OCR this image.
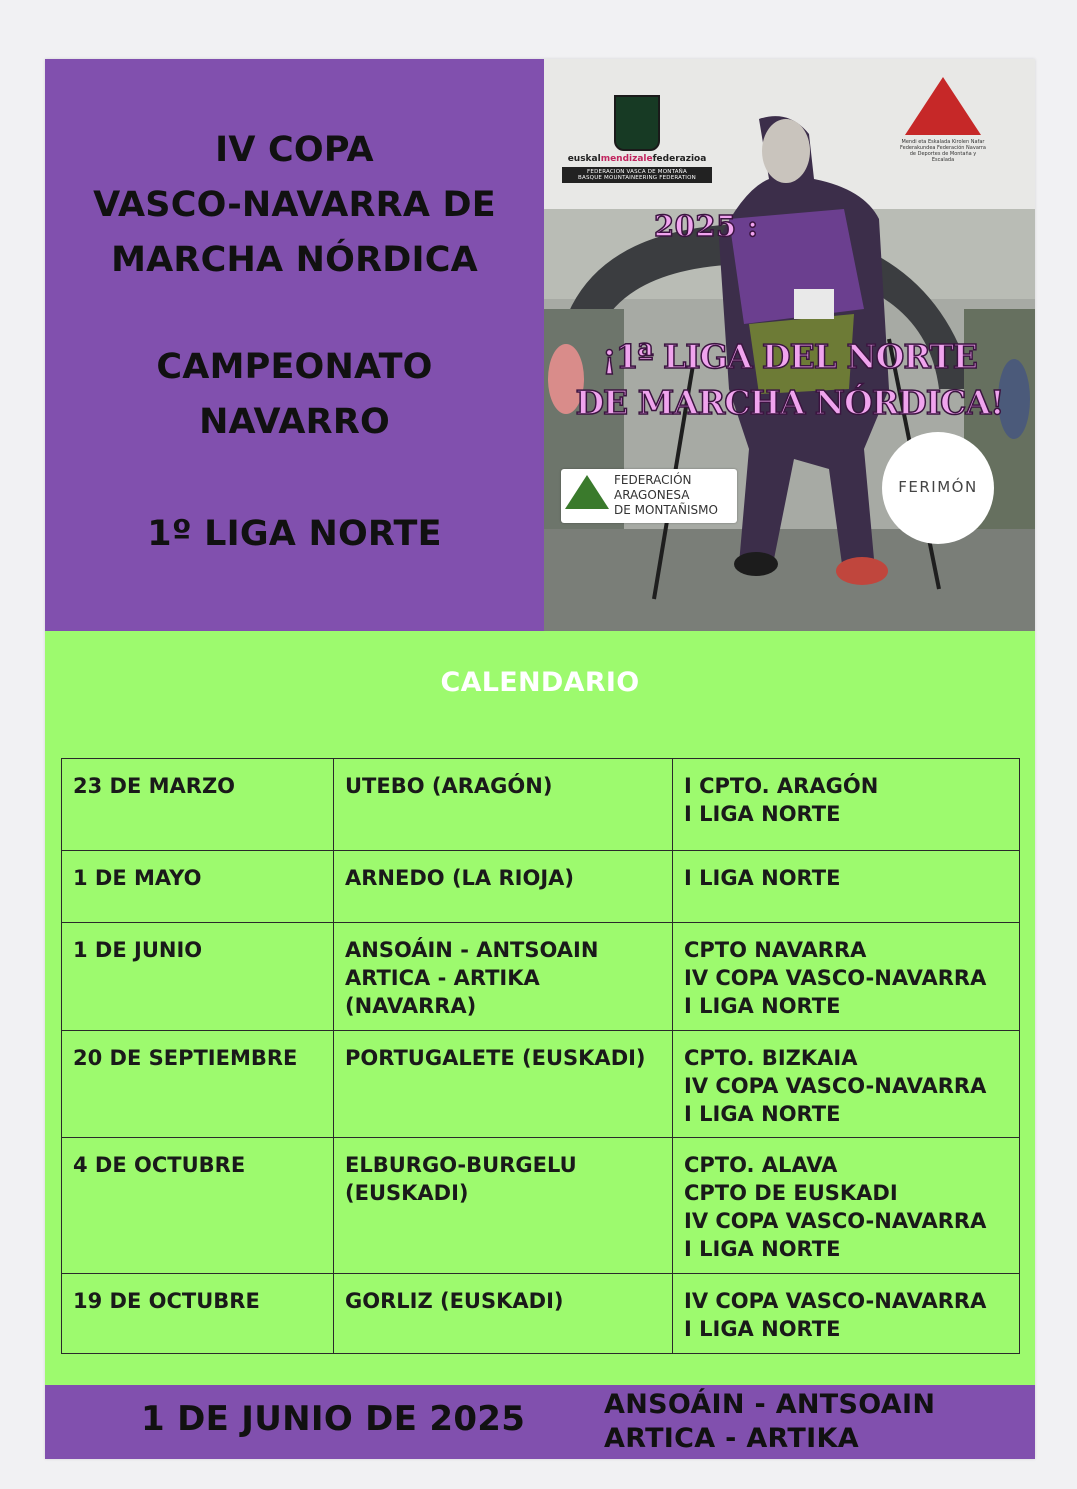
IV COPA
VASCO-NAVARRA DE
MARCHA NÓRDICA
CAMPEONATO
NAVARRO
1º LIGA NORTE
euskalmendizalefederazioa
FEDERACION VASCA DE MONTAÑA
BASQUE MOUNTAINEERING FEDERATION
Mendi eta Eskalada Kirolen Nafar Federakundea Federación Navarra de Deportes de Montaña y Escalada
2025 :
¡1ª LIGA DEL NORTE
DE MARCHA NÓRDICA!
FEDERACIÓN
ARAGONESA
DE MONTAÑISMO
FERIMÓN
CALENDARIO
23 DE MARZO	UTEBO (ARAGÓN)	I CPTO. ARAGÓN
I LIGA NORTE
1 DE MAYO	ARNEDO (LA RIOJA)	I LIGA NORTE
1 DE JUNIO	ANSOÁIN - ANTSOAIN
ARTICA - ARTIKA
(NAVARRA)	CPTO NAVARRA
IV COPA VASCO-NAVARRA
I LIGA NORTE
20 DE SEPTIEMBRE	PORTUGALETE (EUSKADI)	CPTO. BIZKAIA
IV COPA VASCO-NAVARRA
I LIGA NORTE
4 DE OCTUBRE	ELBURGO-BURGELU
(EUSKADI)	CPTO. ALAVA
CPTO DE EUSKADI
IV COPA VASCO-NAVARRA
I LIGA NORTE
19 DE OCTUBRE	GORLIZ (EUSKADI)	IV COPA VASCO-NAVARRA
I LIGA NORTE
1 DE JUNIO DE 2025	ANSOÁIN - ANTSOAIN
ARTICA - ARTIKA
